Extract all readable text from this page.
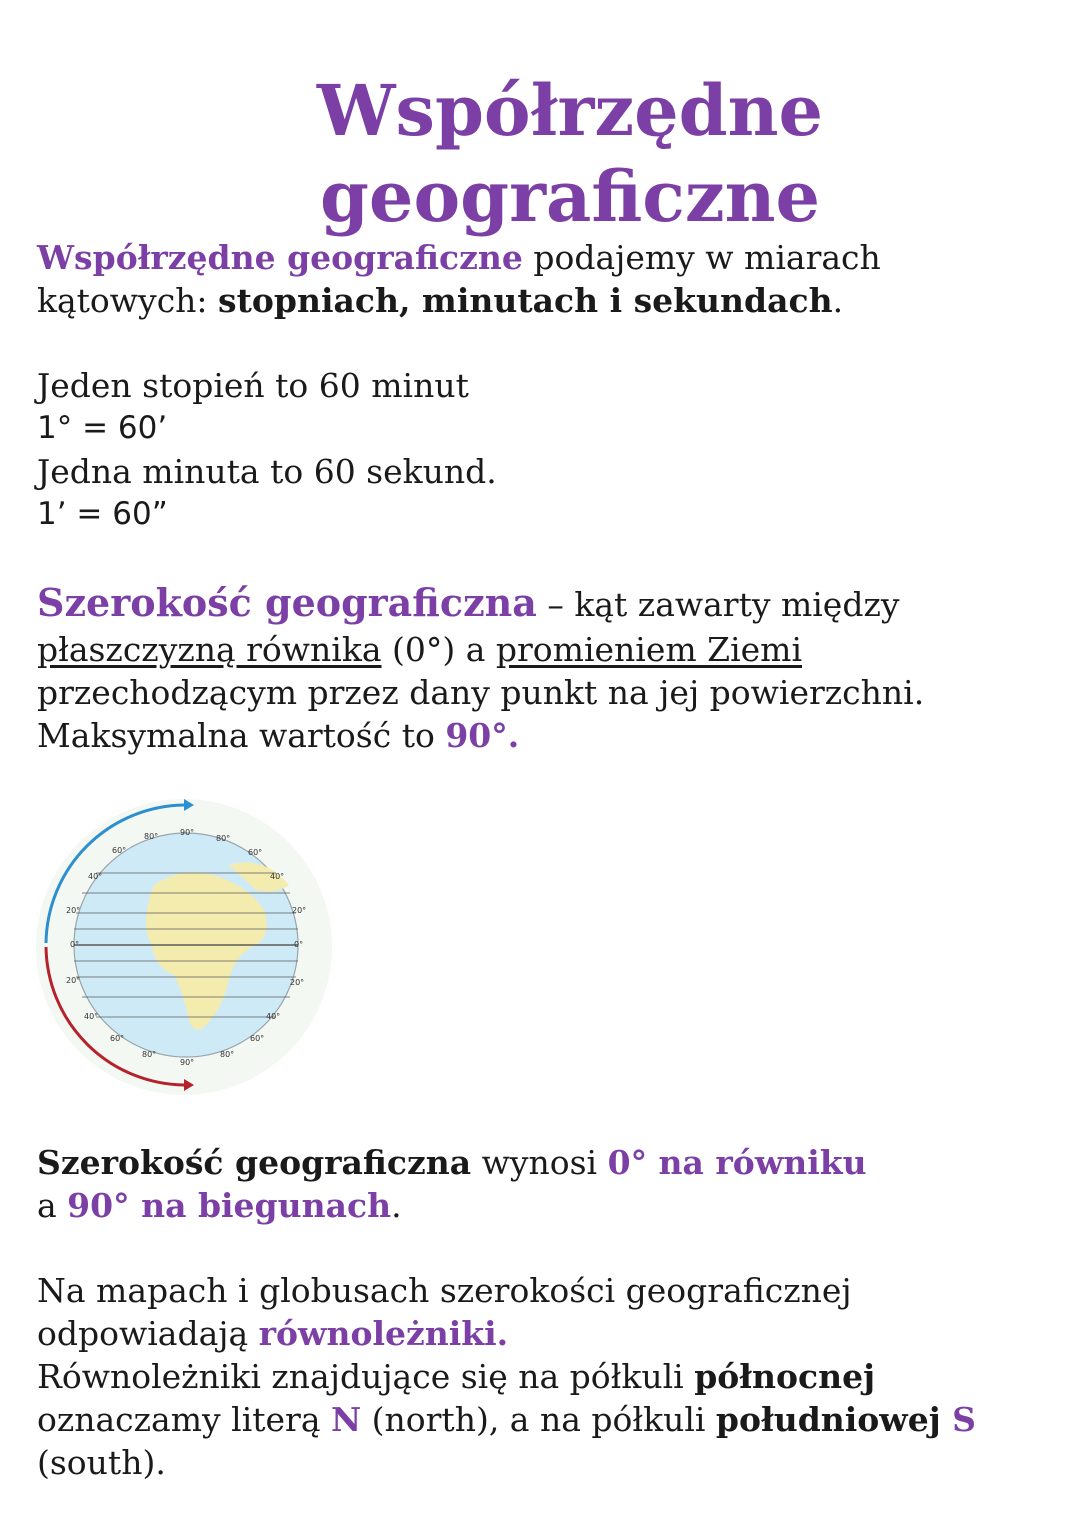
Współrzędne
geograficzne

Współrzędne geograficzne podajemy w miarach

kątowych: stopniach, minutach i sekundach.

Jeden stopień to 60 minut

1° = 60’

Jedna minuta to 60 sekund.

1’ = 60”

Szerokość geograficzna – kąt zawarty między

płaszczyzną równika (0°) a promieniem Ziemi

przechodzącym przez dany punkt na jej powierzchni.

Maksymalna wartość to 90°.

0°	0°
20°	20°
20°	20°
40°	40°
40°	40°
60°	60°
60°	60°
80°	80°
80°	80°
90°
90°

Szerokość geograficzna wynosi 0° na równiku

a 90° na biegunach.

Na mapach i globusach szerokości geograficznej

odpowiadają równoleżniki.

Równoleżniki znajdujące się na półkuli północnej

oznaczamy literą N (north), a na półkuli południowej S

(south).
